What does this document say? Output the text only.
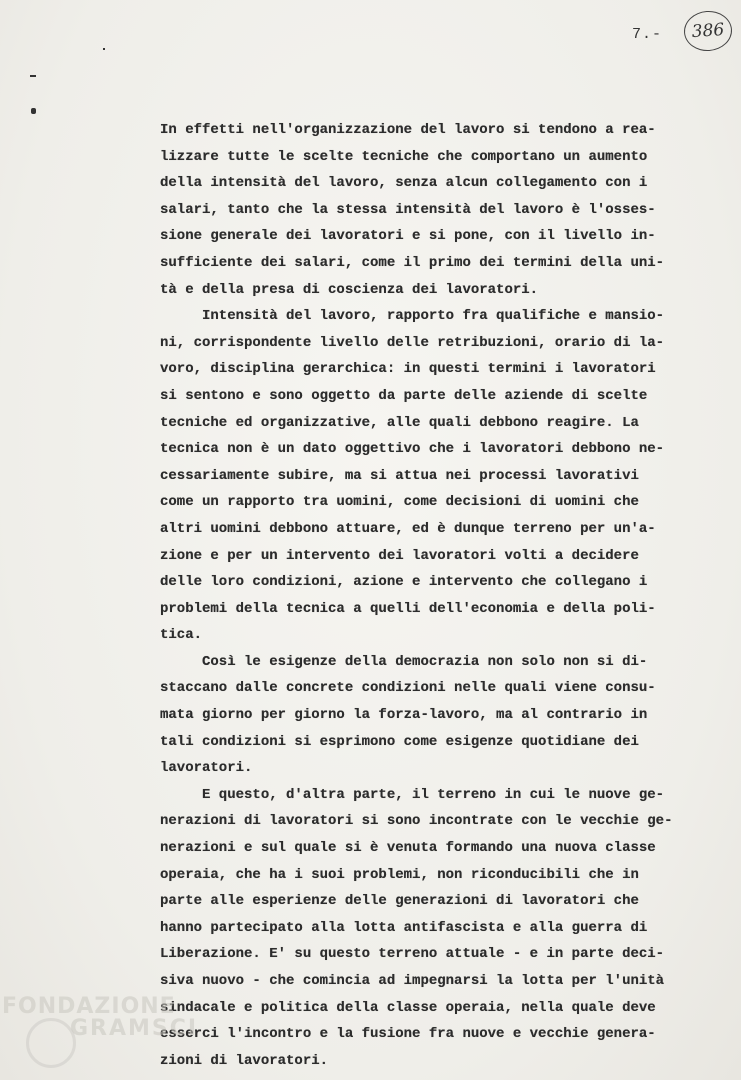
7.-	386
In effetti nell'organizzazione del lavoro si tendono a rea-
lizzare tutte le scelte tecniche che comportano un aumento
della intensità del lavoro, senza alcun collegamento con i
salari, tanto che la stessa intensità del lavoro è l'osses-
sione generale dei lavoratori e si pone, con il livello in-
sufficiente dei salari, come il primo dei termini della uni-
tà e della presa di coscienza dei lavoratori.
Intensità del lavoro, rapporto fra qualifiche e mansio-
ni, corrispondente livello delle retribuzioni, orario di la-
voro, disciplina gerarchica: in questi termini i lavoratori
si sentono e sono oggetto da parte delle aziende di scelte
tecniche ed organizzative, alle quali debbono reagire. La
tecnica non è un dato oggettivo che i lavoratori debbono ne-
cessariamente subire, ma si attua nei processi lavorativi
come un rapporto tra uomini, come decisioni di uomini che
altri uomini debbono attuare, ed è dunque terreno per un'a-
zione e per un intervento dei lavoratori volti a decidere
delle loro condizioni, azione e intervento che collegano i
problemi della tecnica a quelli dell'economia e della poli-
tica.
Così le esigenze della democrazia non solo non si di-
staccano dalle concrete condizioni nelle quali viene consu-
mata giorno per giorno la forza-lavoro, ma al contrario in
tali condizioni si esprimono come esigenze quotidiane dei
lavoratori.
E questo, d'altra parte, il terreno in cui le nuove ge-
nerazioni di lavoratori si sono incontrate con le vecchie ge-
nerazioni e sul quale si è venuta formando una nuova classe
operaia, che ha i suoi problemi, non riconducibili che in
parte alle esperienze delle generazioni di lavoratori che
hanno partecipato alla lotta antifascista e alla guerra di
Liberazione. E' su questo terreno attuale - e in parte deci-
siva nuovo - che comincia ad impegnarsi la lotta per l'unità
sindacale e politica della classe operaia, nella quale deve
esserci l'incontro e la fusione fra nuove e vecchie genera-
zioni di lavoratori.
FONDAZIONE
GRAMSCI
